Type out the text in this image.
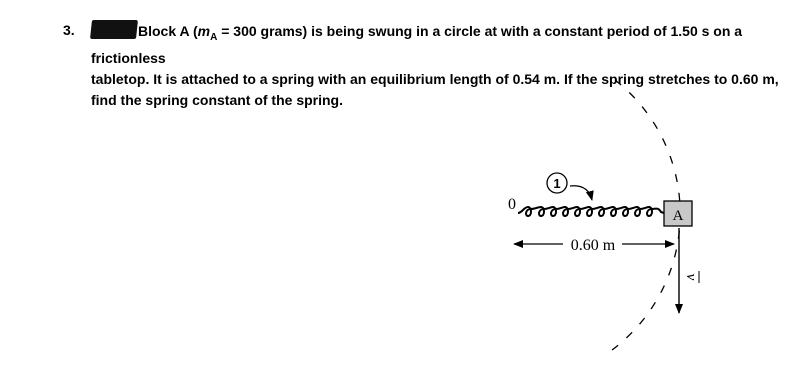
3.	Block A ($m_A = 300$ grams) is being swung in a circle at with a constant period of 1.50 s on a frictionless
tabletop. It is attached to a spring with an equilibrium length of 0.54 m. If the spring stretches to 0.60 m,
find the spring constant of the spring.
0
1
A
0.60 m
v
